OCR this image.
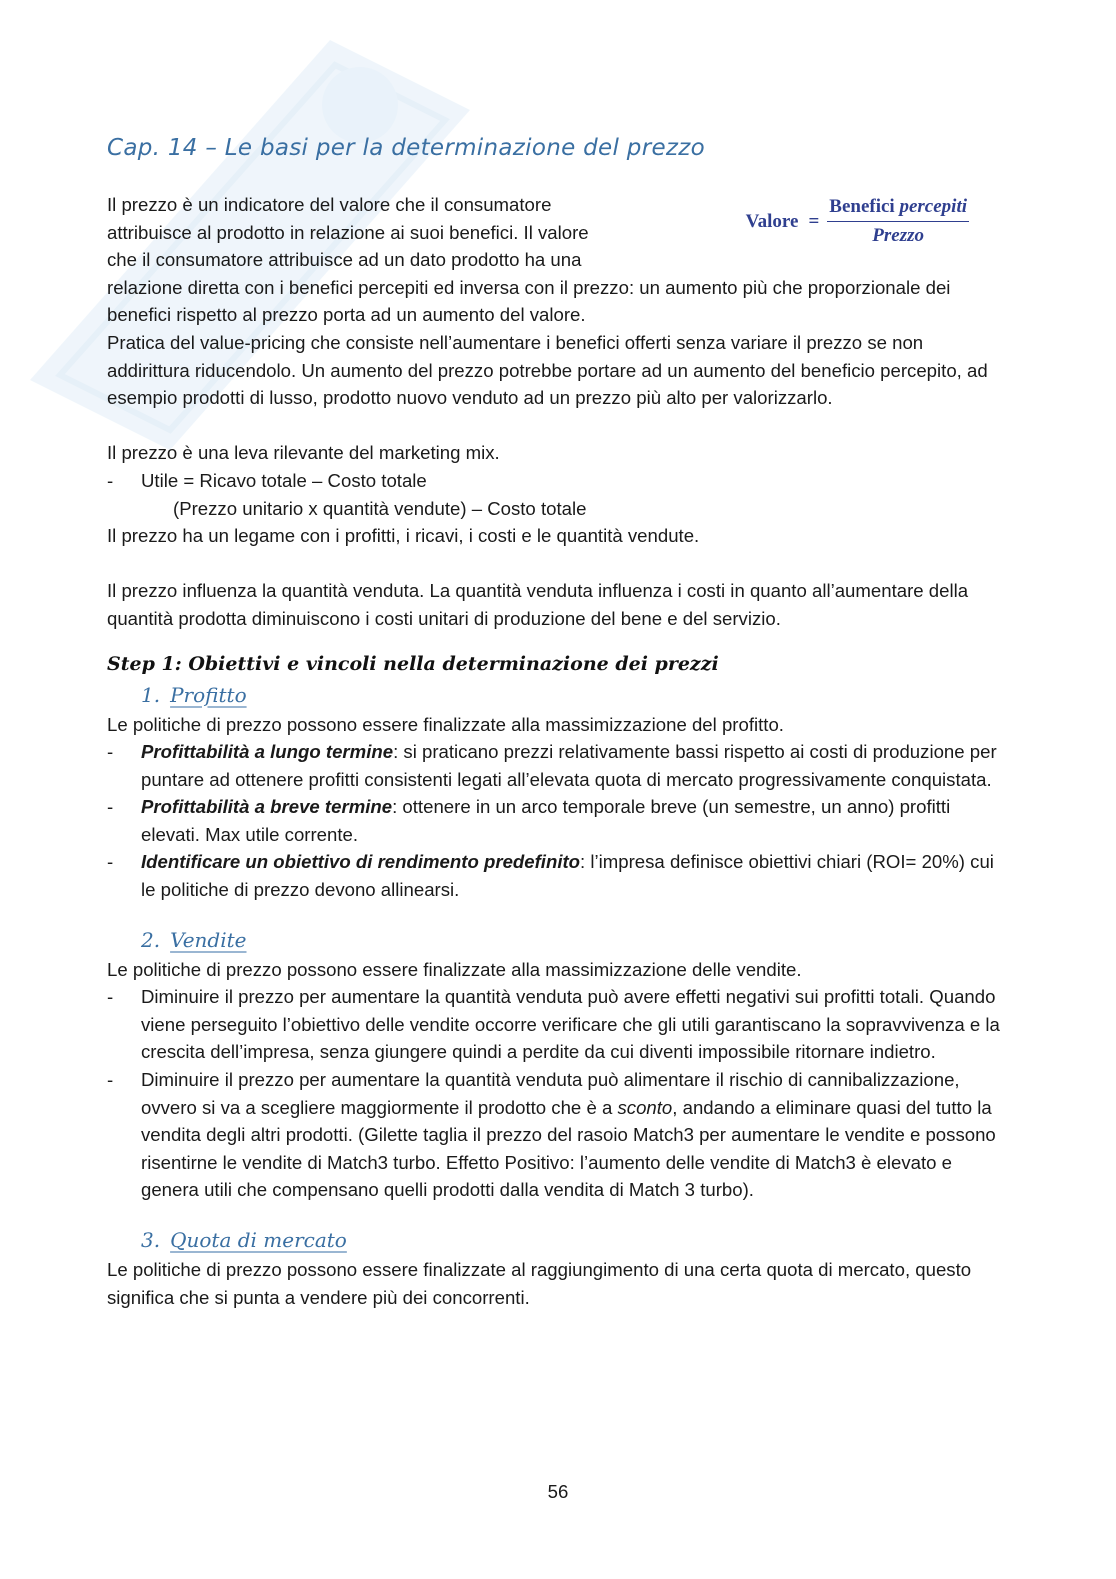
Cap. 14 – Le basi per la determinazione del prezzo
Valore = $\frac{\text{Benefici percepiti}}{\text{Prezzo}}$

Il prezzo è un indicatore del valore che il consumatore

attribuisce al prodotto in relazione ai suoi benefici. Il valore

che il consumatore attribuisce ad un dato prodotto ha una

relazione diretta con i benefici percepiti ed inversa con il prezzo: un aumento più che proporzionale dei benefici rispetto al prezzo porta ad un aumento del valore.

Pratica del value-pricing che consiste nell’aumentare i benefici offerti senza variare il prezzo se non addirittura riducendolo. Un aumento del prezzo potrebbe portare ad un aumento del beneficio percepito, ad esempio prodotti di lusso, prodotto nuovo venduto ad un prezzo più alto per valorizzarlo.

Il prezzo è una leva rilevante del marketing mix.

-	Utile = Ricavo totale – Costo totale

(Prezzo unitario x quantità vendute) – Costo totale

Il prezzo ha un legame con i profitti, i ricavi, i costi e le quantità vendute.

Il prezzo influenza la quantità venduta. La quantità venduta influenza i costi in quanto all’aumentare della quantità prodotta diminuiscono i costi unitari di produzione del bene e del servizio.

Step 1: Obiettivi e vincoli nella determinazione dei prezzi
1. Profitto

Le politiche di prezzo possono essere finalizzate alla massimizzazione del profitto.

-	Profittabilità a lungo termine: si praticano prezzi relativamente bassi rispetto ai costi di produzione per puntare ad ottenere profitti consistenti legati all’elevata quota di mercato progressivamente conquistata.
-	Profittabilità a breve termine: ottenere in un arco temporale breve (un semestre, un anno) profitti elevati. Max utile corrente.
-	Identificare un obiettivo di rendimento predefinito: l’impresa definisce obiettivi chiari (ROI= 20%) cui le politiche di prezzo devono allinearsi.
2. Vendite

Le politiche di prezzo possono essere finalizzate alla massimizzazione delle vendite.

-	Diminuire il prezzo per aumentare la quantità venduta può avere effetti negativi sui profitti totali. Quando viene perseguito l’obiettivo delle vendite occorre verificare che gli utili garantiscano la sopravvivenza e la crescita dell’impresa, senza giungere quindi a perdite da cui diventi impossibile ritornare indietro.
-	Diminuire il prezzo per aumentare la quantità venduta può alimentare il rischio di cannibalizzazione, ovvero si va a scegliere maggiormente il prodotto che è a sconto, andando a eliminare quasi del tutto la vendita degli altri prodotti. (Gilette taglia il prezzo del rasoio Match3 per aumentare le vendite e possono risentirne le vendite di Match3 turbo. Effetto Positivo: l’aumento delle vendite di Match3 è elevato e genera utili che compensano quelli prodotti dalla vendita di Match 3 turbo).
3. Quota di mercato

Le politiche di prezzo possono essere finalizzate al raggiungimento di una certa quota di mercato, questo significa che si punta a vendere più dei concorrenti.

56
